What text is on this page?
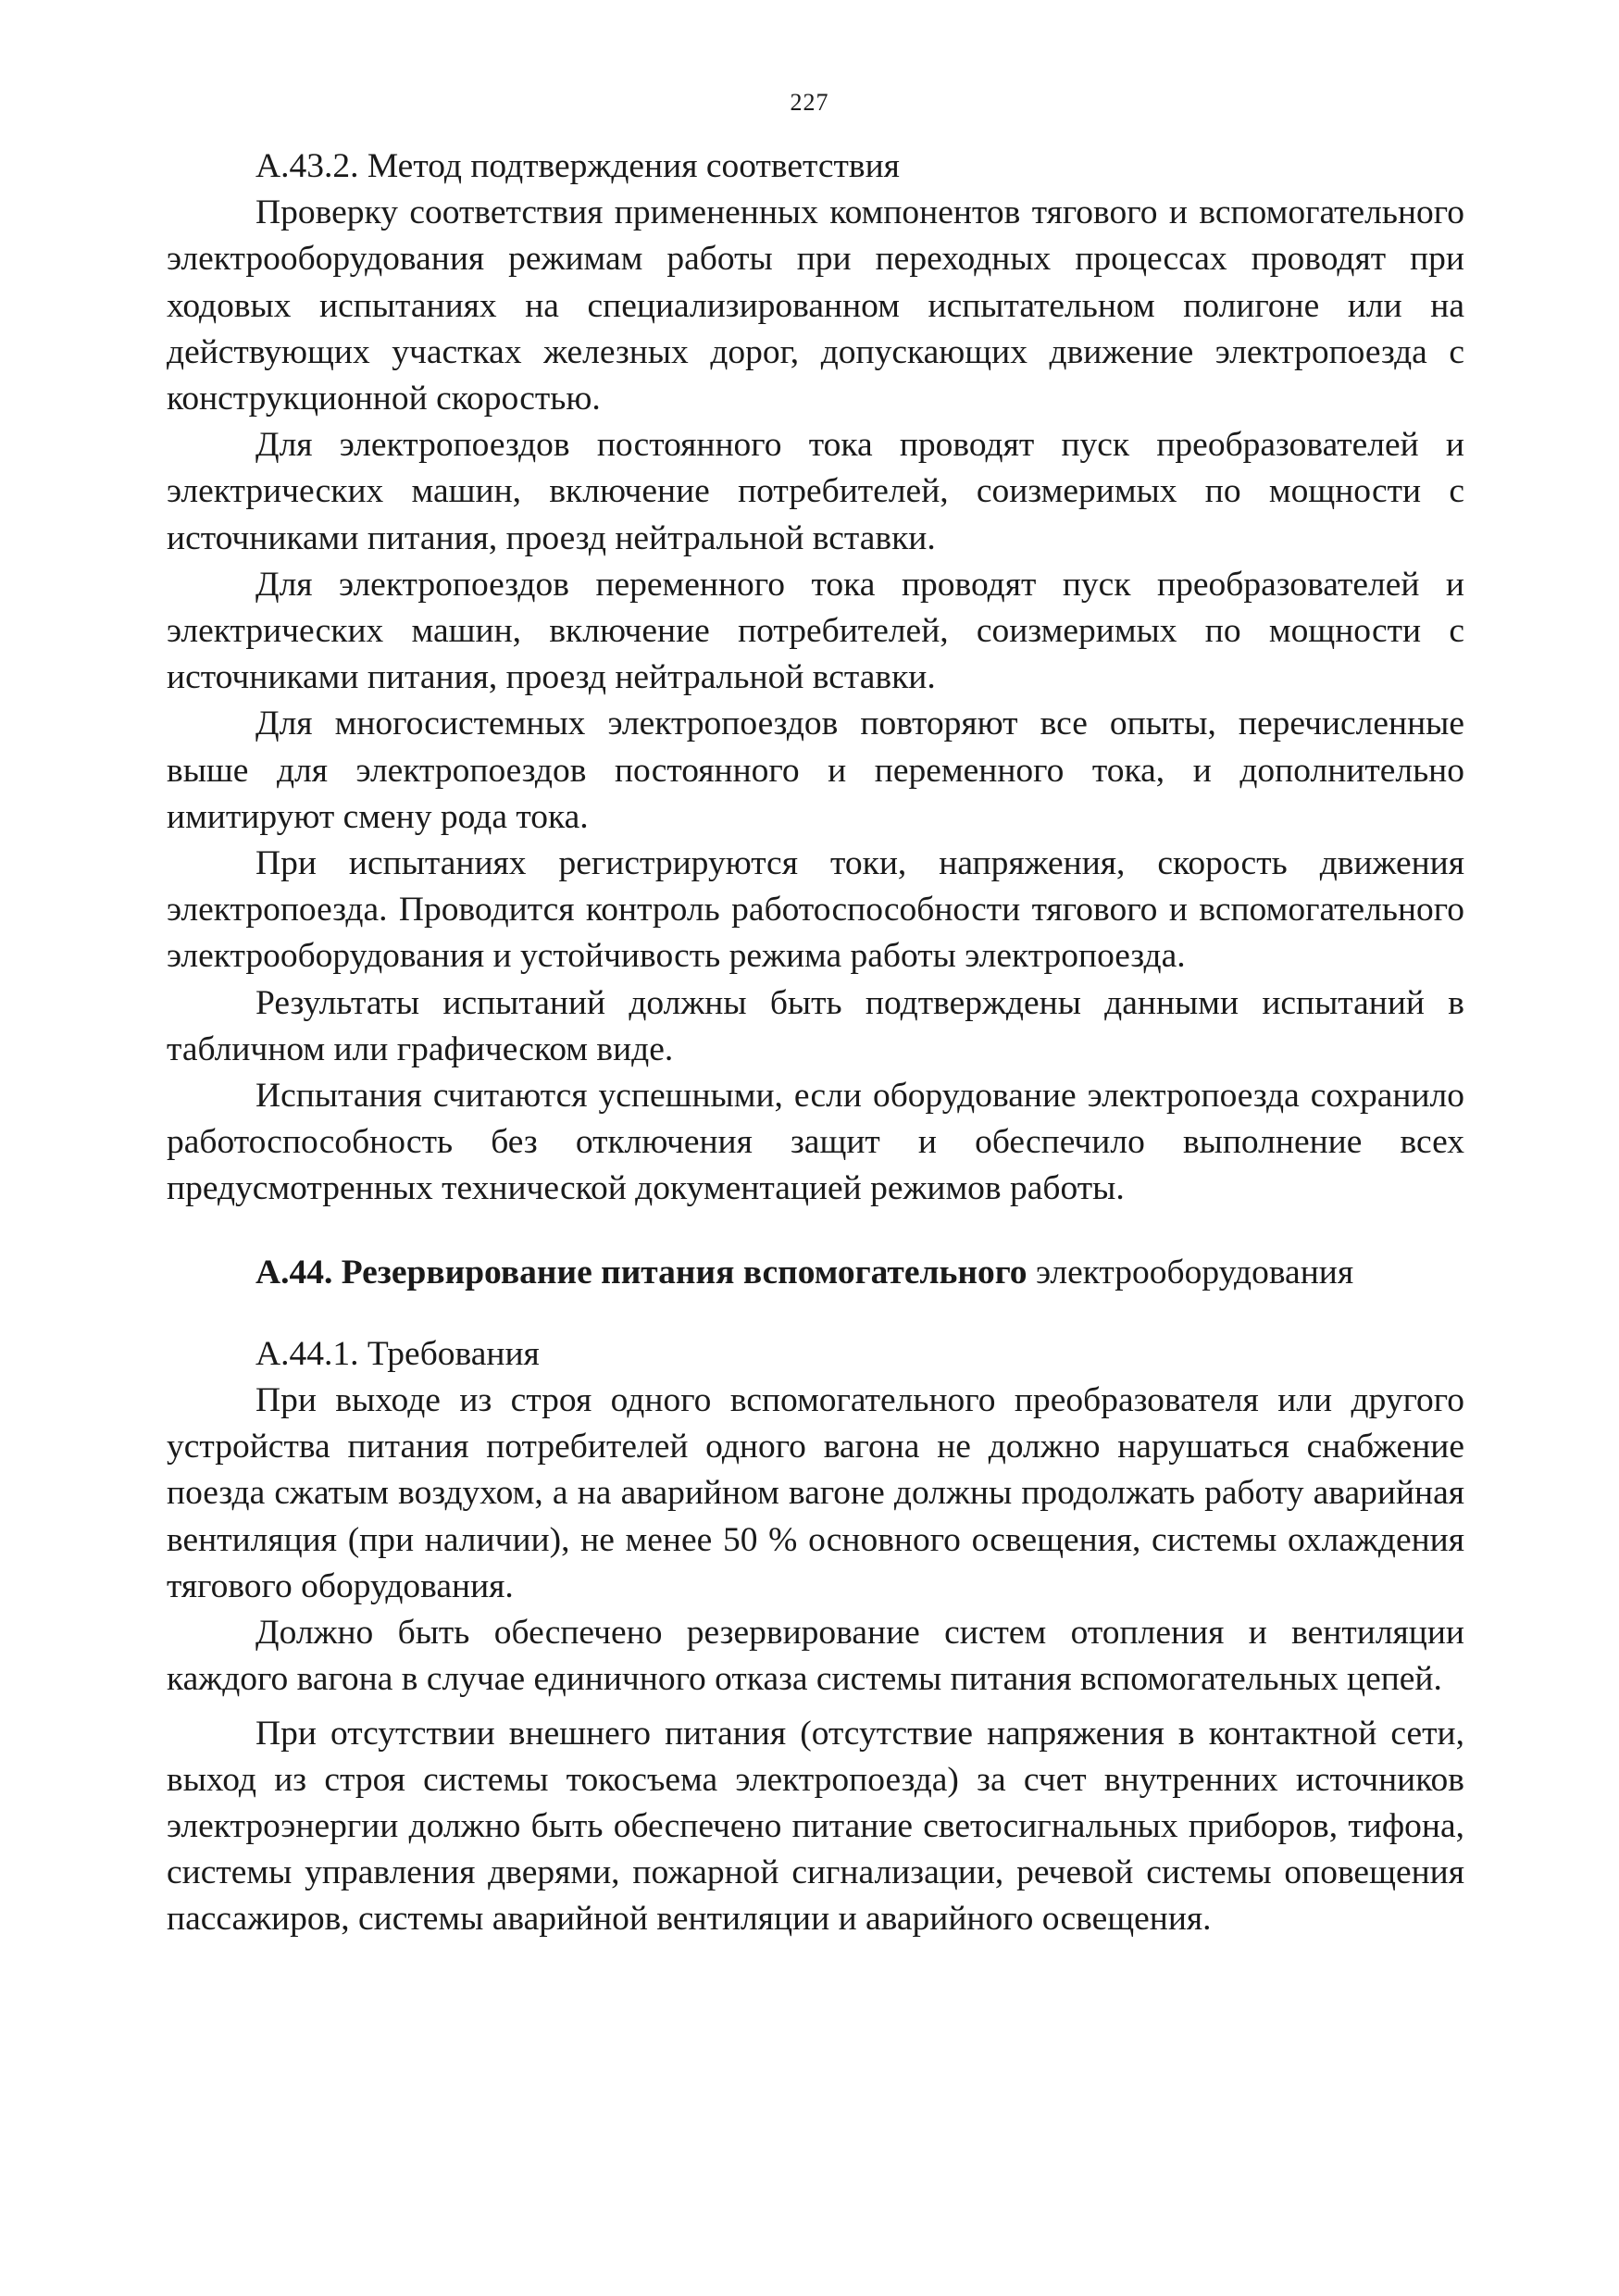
227

А.43.2. Метод подтверждения соответствия

Проверку соответствия примененных компонентов тягового и вспомогательного электрооборудования режимам работы при переходных процессах проводят при ходовых испытаниях на специализированном испытательном полигоне или на действующих участках железных дорог, допускающих движение электропоезда с конструкционной скоростью.

Для электропоездов постоянного тока проводят пуск преобразователей и электрических машин, включение потребителей, соизмеримых по мощности с источниками питания, проезд нейтральной вставки.

Для электропоездов переменного тока проводят пуск преобразователей и электрических машин, включение потребителей, соизмеримых по мощности с источниками питания, проезд нейтральной вставки.

Для многосистемных электропоездов повторяют все опыты, перечисленные выше для электропоездов постоянного и переменного тока, и дополнительно имитируют смену рода тока.

При испытаниях регистрируются токи, напряжения, скорость движения электропоезда. Проводится контроль работоспособности тягового и вспомогательного электрооборудования и устойчивость режима работы электропоезда.

Результаты испытаний должны быть подтверждены данными испытаний в табличном или графическом виде.

Испытания считаются успешными, если оборудование электропоезда сохранило работоспособность без отключения защит и обеспечило выполнение всех предусмотренных технической документацией режимов работы.

А.44. Резервирование питания вспомогательного электрооборудования

А.44.1. Требования

При выходе из строя одного вспомогательного преобразователя или другого устройства питания потребителей одного вагона не должно нарушаться снабжение поезда сжатым воздухом, а на аварийном вагоне должны продолжать работу аварийная вентиляция (при наличии), не менее 50 % основного освещения, системы охлаждения тягового оборудования.

Должно быть обеспечено резервирование систем отопления и вентиляции каждого вагона в случае единичного отказа системы питания вспомогательных цепей.

При отсутствии внешнего питания (отсутствие напряжения в контактной сети, выход из строя системы токосъема электропоезда) за счет внутренних источников электроэнергии должно быть обеспечено питание светосигнальных приборов, тифона, системы управления дверями, пожарной сигнализации, речевой системы оповещения пассажиров, системы аварийной вентиляции и аварийного освещения.
